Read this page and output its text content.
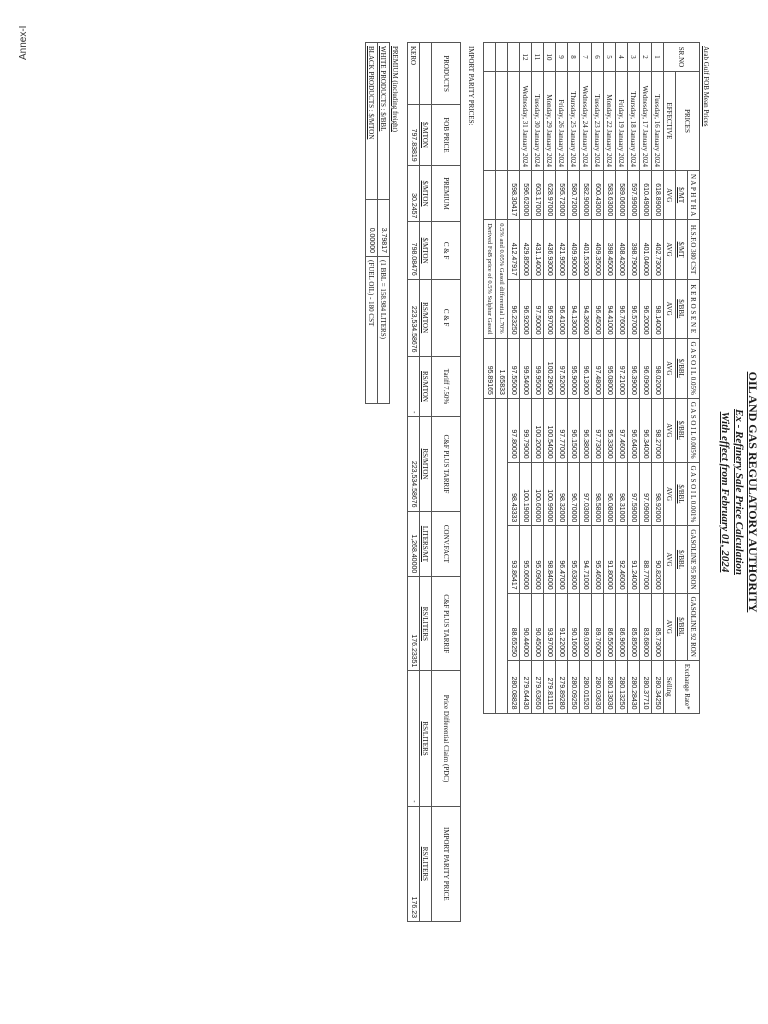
Annex-I
OIL AND GAS REGULATORY AUTHORITY
Ex - Refinery Sale Price Calculation
With effect from February 01, 2024
Arab Gulf FOB Mean Prices
SR.NO	PRICES	N A P H T H A	H.S.F.O 380 CST	K E R O S E N E	G A S O I L 0.05%	G A S O I L 0.005%	G A S O I L 0.001%	GASOLINE 95 RON	GASOLINE 92 RON	Exchange Rate*
		$/MT	$/MT	$/BBL	$/BBL	$/BBL	$/BBL	$/BBL	$/BBL	
	EFFECTIVE	AVG	AVG	AVG	AVG	AVG	AVG	AVG	AVG	Selling
1	Tuesday, 16 January 2024	618.89000	402.73000	98.14000	98.02000	98.27000	98.92000	90.82000	85.73000	280.34250
2	Wednesday, 17 January 2024	610.49000	401.04000	96.20000	96.09000	96.34000	97.09000	88.77000	83.68000	280.37710
3	Thursday, 18 January 2024	597.99000	398.79000	96.57000	96.39000	96.64000	97.59000	91.24000	85.85000	280.28430
4	Friday, 19 January 2024	589.06000	408.42000	96.76000	97.21000	97.46000	98.31000	92.46000	86.96000	280.13250
5	Monday, 22 January 2024	583.63000	398.45000	94.41000	95.08000	95.33000	96.08000	91.80000	86.55000	280.13030
6	Tuesday, 23 January 2024	600.43000	409.35000	96.45000	97.48000	97.73000	98.58000	95.46000	89.76000	280.03630
7	Wednesday, 24 January 2024	582.90000	401.53000	94.36000	96.13000	96.38000	97.03000	94.71000	89.03000	280.01520
8	Thursday, 25 January 2024	580.72000	409.90000	94.13000	95.90000	96.15000	96.70000	95.63000	90.16000	280.09250
9	Friday, 26 January 2024	595.72000	421.95000	96.41000	97.52000	97.77000	98.32000	96.47000	91.22000	279.89280
10	Monday, 29 January 2024	628.97000	436.93000	96.97000	100.29000	100.54000	100.99000	98.84000	93.97000	279.81110
11	Tuesday, 30 January 2024	603.17000	431.14000	97.50000	99.95000	100.20000	100.60000	95.09000	90.45000	279.63650
12	Wednesday, 31 January 2024	596.62000	429.85000	96.92000	99.54000	99.79000	100.19000	95.06000	90.44000	279.64430
		598.30417	412.47917	96.23250	97.55000	97.80000	98.43333	93.86417	88.65250	280.08828
			0.5% and 0.05% Gasoil differential 1.70%		1.65833					
			Derived FoB price of 0.5% Sulphur Gasoil		95.89165					
IMPORT PARITY PRICES:
PRODUCTS	FOB PRICE	PREMIUM	C & F	C & F	Tariff 7.50%	C&F PLUS TARRIF	CONV.FACT	C&F PLUS TARRIF	Price Differential Claim (PDC)	IMPORT PARITY PRICE
	$/MTON	$/MTON	$/MTON	RS/MTON	RS/MTON	RS/MTON	LITERS/MT	RS/LITERS	RS/LITERS	RS/LITERS
KERO	797.83819	30.2457	798.08476	223,534.58676	-	223,534.58676	1,268.40000	176.23351	-	176.23
PREMIUM (including freight)
WHITE PRODUCTS : $/BBL	3.79817	(1 BBL = 158.984 LITERS)
BLACK PRODUCTS : $/MTON	0.00000	(FUEL OIL) - 180 CST
